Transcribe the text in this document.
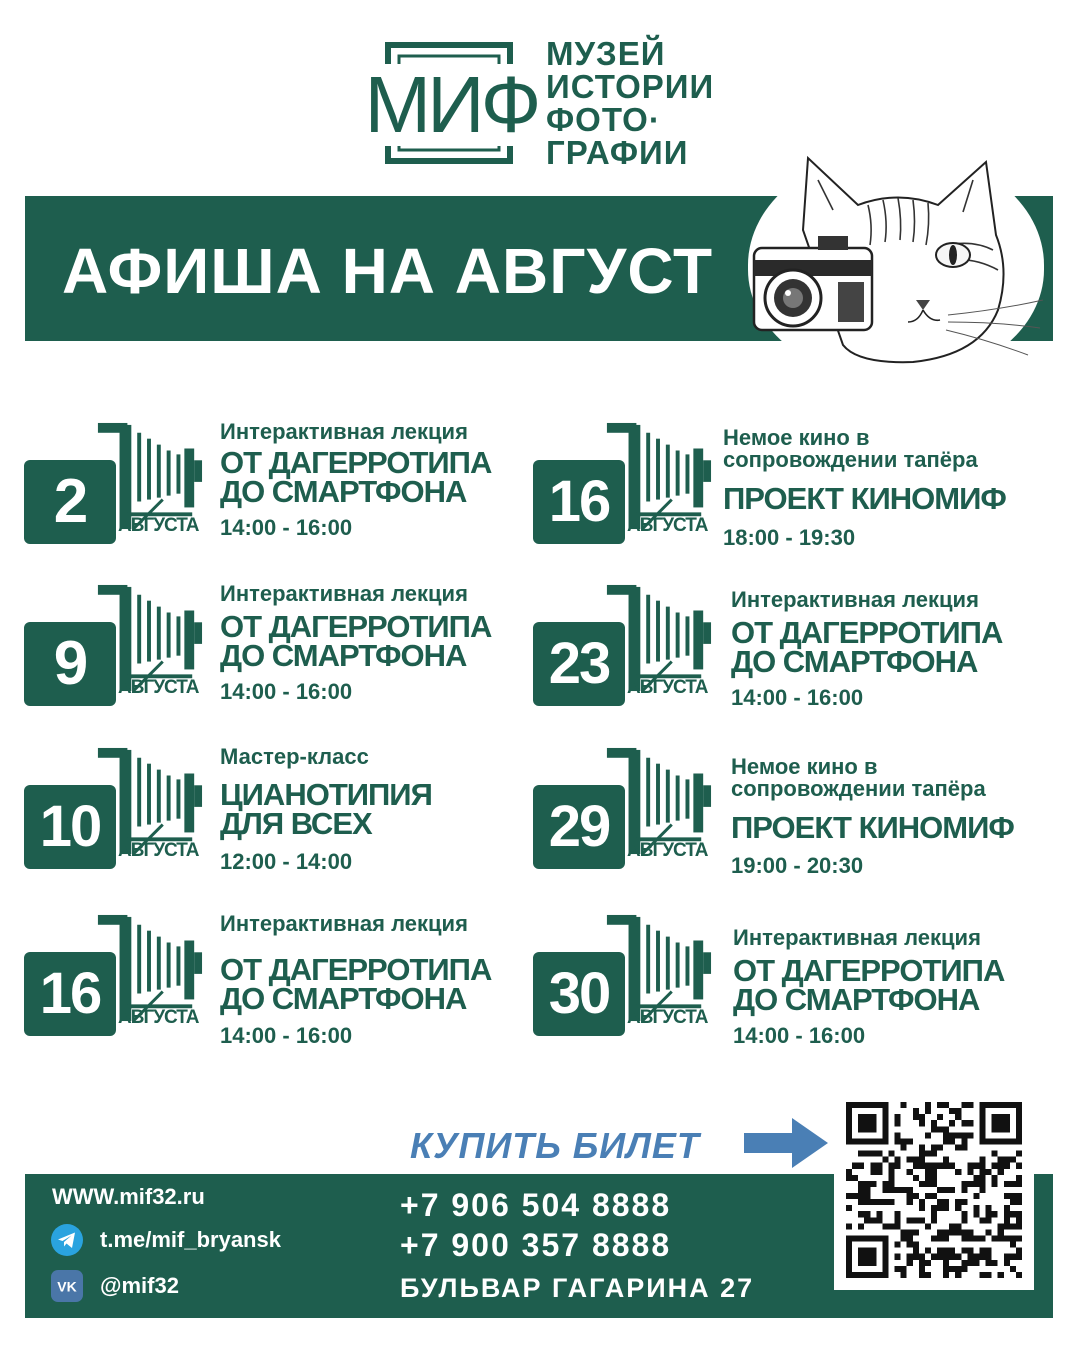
МИФ
МУЗЕЙ
ИСТОРИИ
ФОТО·
ГРАФИИ
АФИША НА АВГУСТ
2	АВГУСТА
Интерактивная лекция
ОТ ДАГЕРРОТИПА
ДО СМАРТФОНА
14:00 - 16:00
9	АВГУСТА
Интерактивная лекция
ОТ ДАГЕРРОТИПА
ДО СМАРТФОНА
14:00 - 16:00
10 АВГУСТА
Мастер-класс
ЦИАНОТИПИЯ
ДЛЯ ВСЕХ
12:00 - 14:00
16 АВГУСТА
Интерактивная лекция
ОТ ДАГЕРРОТИПА
ДО СМАРТФОНА
14:00 - 16:00
16 АВГУСТА
Немое кино в
сопровождении тапёра
ПРОЕКТ КИНОМИФ
18:00 - 19:30
23 АВГУСТА
Интерактивная лекция
ОТ ДАГЕРРОТИПА
ДО СМАРТФОНА
14:00 - 16:00
29 АВГУСТА
Немое кино в
сопровождении тапёра
ПРОЕКТ КИНОМИФ
19:00 - 20:30
30 АВГУСТА
Интерактивная лекция
ОТ ДАГЕРРОТИПА
ДО СМАРТФОНА
14:00 - 16:00
КУПИТЬ БИЛЕТ
WWW.mif32.ru
t.me/mif_bryansk
VK @mif32
+7 906 504 8888
+7 900 357 8888
БУЛЬВАР ГАГАРИНА 27
